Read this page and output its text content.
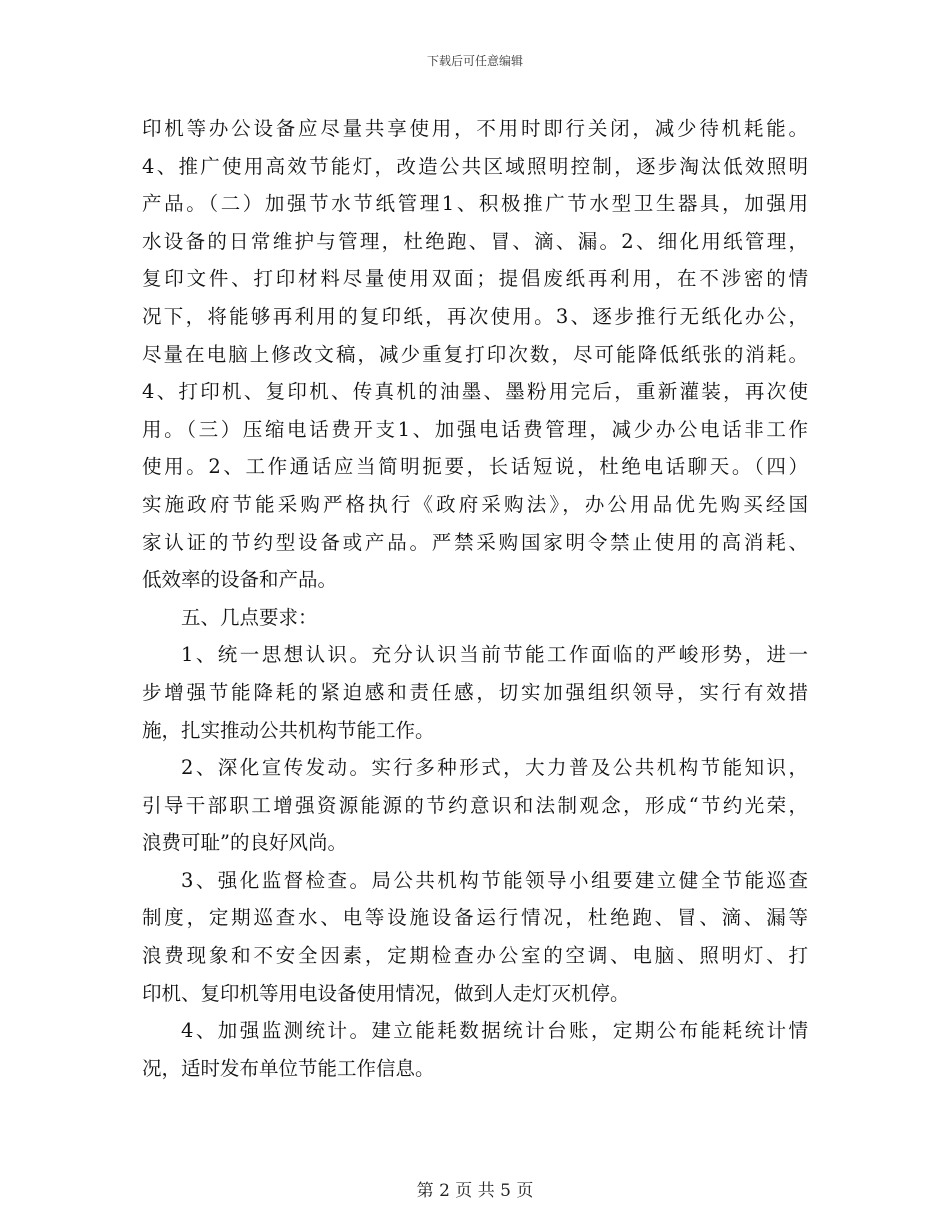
下载后可任意编辑
印机等办公设备应尽量共享使用，不用时即行关闭，减少待机耗能。
4、推广使用高效节能灯，改造公共区域照明控制，逐步淘汰低效照明
产品。（二）加强节水节纸管理1、积极推广节水型卫生器具，加强用
水设备的日常维护与管理，杜绝跑、冒、滴、漏。2、细化用纸管理，
复印文件、打印材料尽量使用双面；提倡废纸再利用，在不涉密的情
况下，将能够再利用的复印纸，再次使用。3、逐步推行无纸化办公，
尽量在电脑上修改文稿，减少重复打印次数，尽可能降低纸张的消耗。
4、打印机、复印机、传真机的油墨、墨粉用完后，重新灌装，再次使
用。（三）压缩电话费开支1、加强电话费管理，减少办公电话非工作
使用。2、工作通话应当简明扼要，长话短说，杜绝电话聊天。（四）
实施政府节能采购严格执行《政府采购法》，办公用品优先购买经国
家认证的节约型设备或产品。严禁采购国家明令禁止使用的高消耗、
低效率的设备和产品。
五、几点要求：
1、统一思想认识。充分认识当前节能工作面临的严峻形势，进一
步增强节能降耗的紧迫感和责任感，切实加强组织领导，实行有效措
施，扎实推动公共机构节能工作。
2、深化宣传发动。实行多种形式，大力普及公共机构节能知识，
引导干部职工增强资源能源的节约意识和法制观念，形成“节约光荣，
浪费可耻”的良好风尚。
3、强化监督检查。局公共机构节能领导小组要建立健全节能巡查
制度，定期巡查水、电等设施设备运行情况，杜绝跑、冒、滴、漏等
浪费现象和不安全因素，定期检查办公室的空调、电脑、照明灯、打
印机、复印机等用电设备使用情况，做到人走灯灭机停。
4、加强监测统计。建立能耗数据统计台账，定期公布能耗统计情
况，适时发布单位节能工作信息。
第 2 页 共 5 页
